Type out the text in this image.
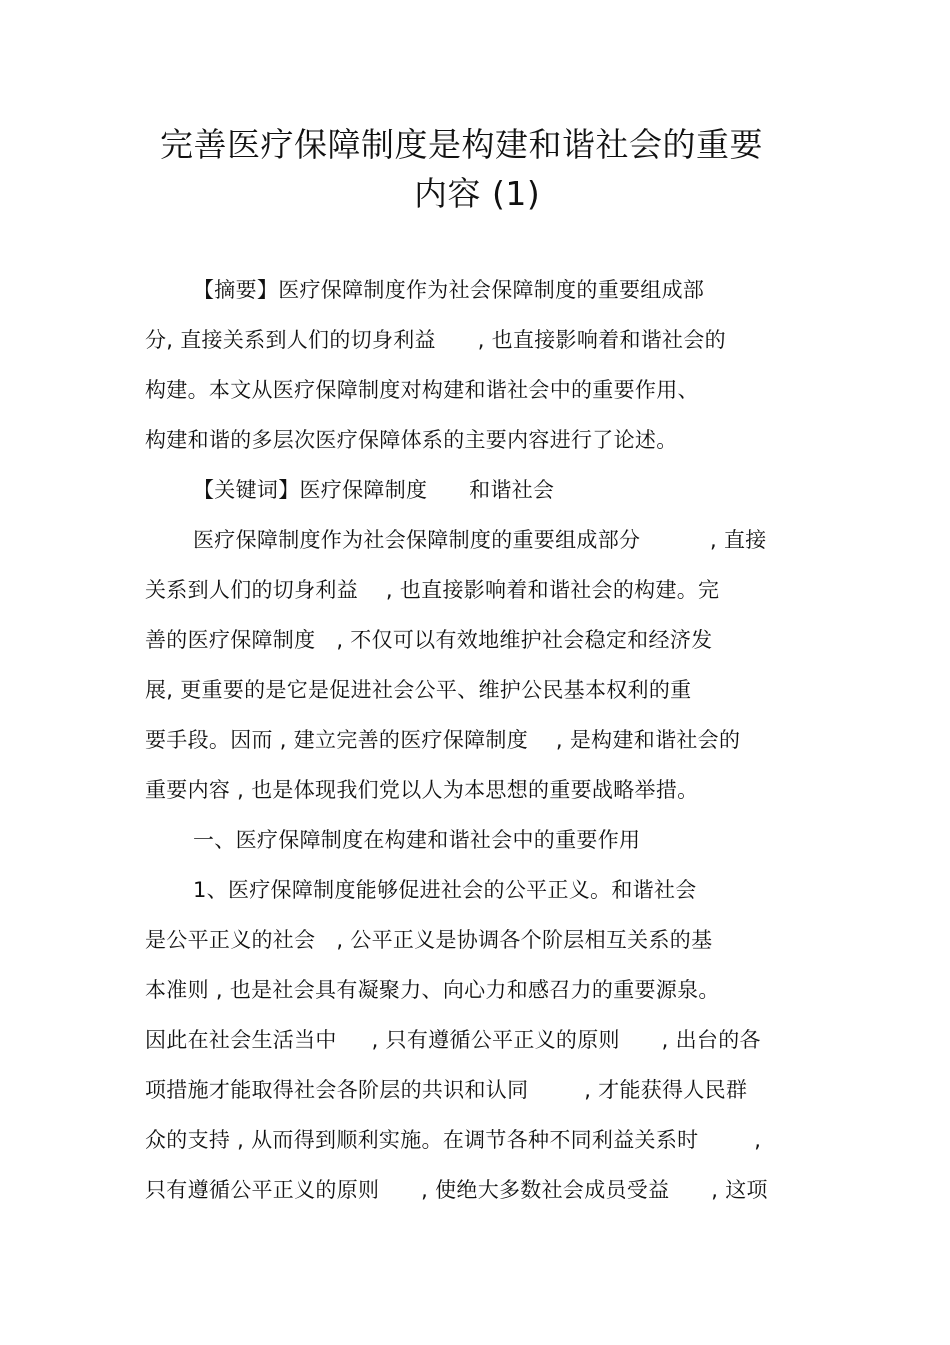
完善医疗保障制度是构建和谐社会的重要
内容 (1)
【摘要】医疗保障制度作为社会保障制度的重要组成部
分, 直接关系到人们的切身利益      , 也直接影响着和谐社会的
构建。本文从医疗保障制度对构建和谐社会中的重要作用、
构建和谐的多层次医疗保障体系的主要内容进行了论述。
【关键词】医疗保障制度      和谐社会
医疗保障制度作为社会保障制度的重要组成部分          , 直接
关系到人们的切身利益    , 也直接影响着和谐社会的构建。完
善的医疗保障制度   , 不仅可以有效地维护社会稳定和经济发
展, 更重要的是它是促进社会公平、维护公民基本权利的重
要手段。因而 , 建立完善的医疗保障制度    , 是构建和谐社会的
重要内容 , 也是体现我们党以人为本思想的重要战略举措。
一、医疗保障制度在构建和谐社会中的重要作用
1、医疗保障制度能够促进社会的公平正义。和谐社会
是公平正义的社会   , 公平正义是协调各个阶层相互关系的基
本准则 , 也是社会具有凝聚力、向心力和感召力的重要源泉。
因此在社会生活当中     , 只有遵循公平正义的原则      , 出台的各
项措施才能取得社会各阶层的共识和认同        , 才能获得人民群
众的支持 , 从而得到顺利实施。在调节各种不同利益关系时        ,
只有遵循公平正义的原则      , 使绝大多数社会成员受益      , 这项
